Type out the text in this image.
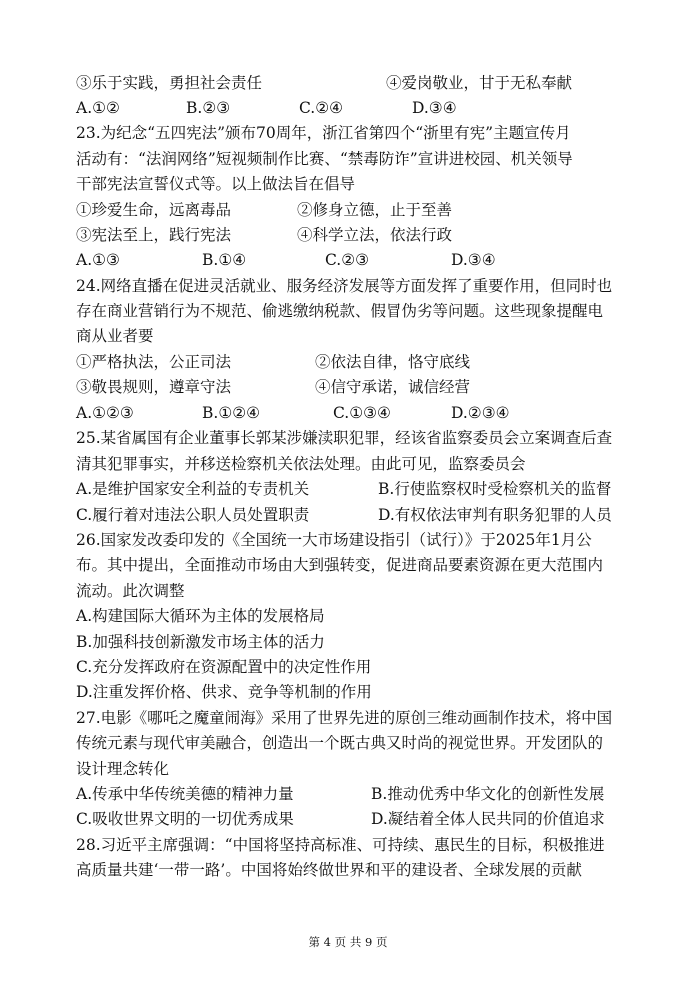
③乐于实践，勇担社会责任	④爱岗敬业，甘于无私奉献
A.①②	B.②③	C.②④	D.③④
23.为纪念“五四宪法”颁布70周年，浙江省第四个“浙里有宪”主题宣传月
活动有：“法润网络”短视频制作比赛、“禁毒防诈”宣讲进校园、机关领导
干部宪法宣誓仪式等。以上做法旨在倡导
①珍爱生命，远离毒品	②修身立德，止于至善
③宪法至上，践行宪法	④科学立法，依法行政
A.①③	B.①④	C.②③	D.③④
24.网络直播在促进灵活就业、服务经济发展等方面发挥了重要作用，但同时也
存在商业营销行为不规范、偷逃缴纳税款、假冒伪劣等问题。这些现象提醒电
商从业者要
①严格执法，公正司法	②依法自律，恪守底线
③敬畏规则，遵章守法	④信守承诺，诚信经营
A.①②③	B.①②④	C.①③④	D.②③④
25.某省属国有企业董事长郭某涉嫌渎职犯罪，经该省监察委员会立案调查后查
清其犯罪事实，并移送检察机关依法处理。由此可见，监察委员会
A.是维护国家安全利益的专责机关	B.行使监察权时受检察机关的监督
C.履行着对违法公职人员处置职责	D.有权依法审判有职务犯罪的人员
26.国家发改委印发的《全国统一大市场建设指引（试行）》于2025年1月公
布。其中提出，全面推动市场由大到强转变，促进商品要素资源在更大范围内
流动。此次调整
A.构建国际大循环为主体的发展格局
B.加强科技创新激发市场主体的活力
C.充分发挥政府在资源配置中的决定性作用
D.注重发挥价格、供求、竞争等机制的作用
27.电影《哪吒之魔童闹海》采用了世界先进的原创三维动画制作技术，将中国
传统元素与现代审美融合，创造出一个既古典又时尚的视觉世界。开发团队的
设计理念转化
A.传承中华传统美德的精神力量	B.推动优秀中华文化的创新性发展
C.吸收世界文明的一切优秀成果	D.凝结着全体人民共同的价值追求
28.习近平主席强调：“中国将坚持高标准、可持续、惠民生的目标，积极推进
高质量共建‘一带一路’。中国将始终做世界和平的建设者、全球发展的贡献
第 4 页 共 9 页
